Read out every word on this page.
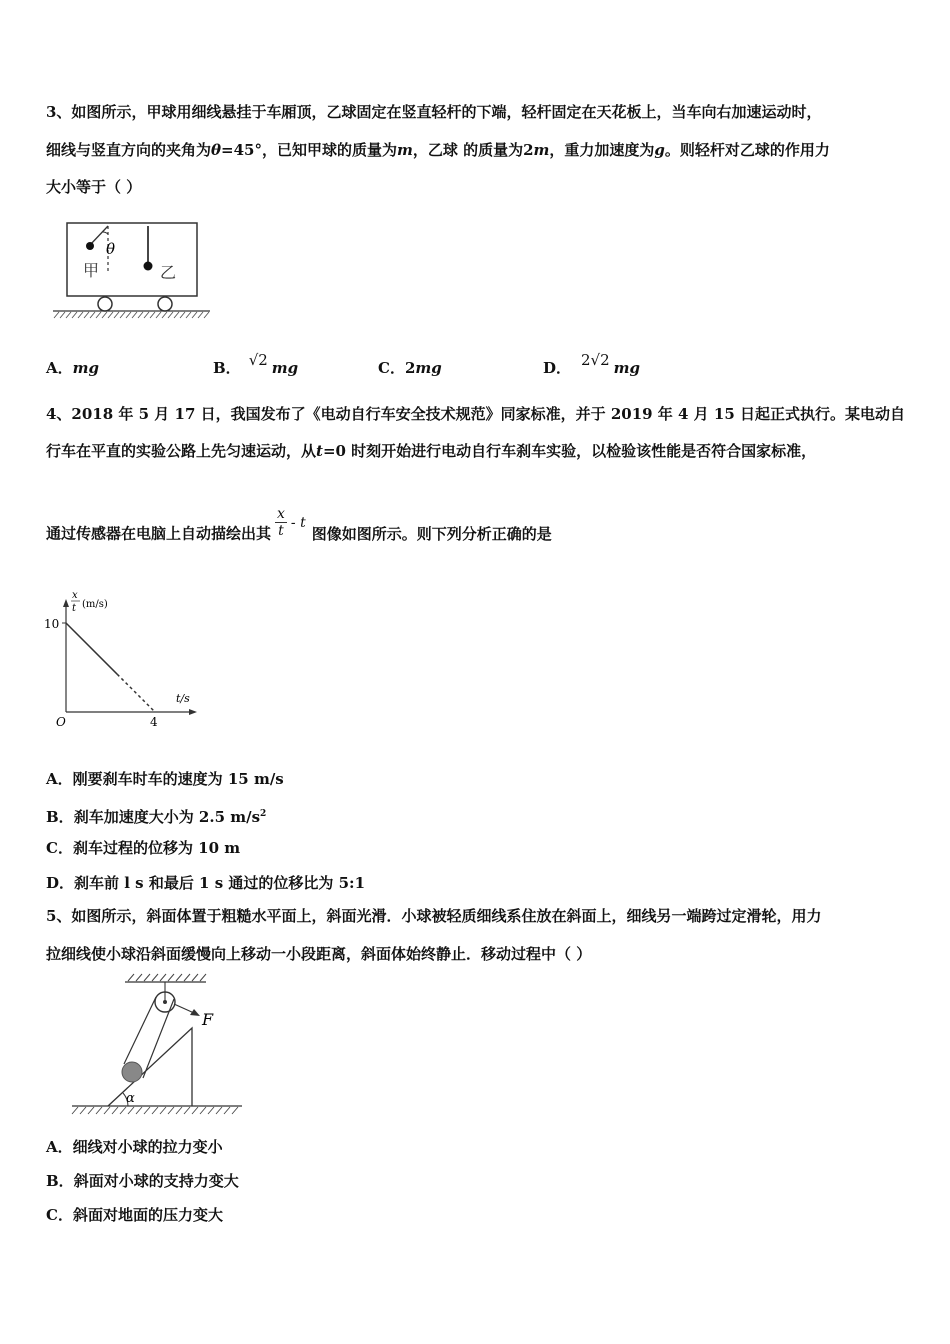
3、如图所示，甲球用细线悬挂于车厢顶，乙球固定在竖直轻杆的下端，轻杆固定在天花板上，当车向右加速运动时，
细线与竖直方向的夹角为θ=45°，已知甲球的质量为m，乙球 的质量为2m，重力加速度为g。则轻杆对乙球的作用力
大小等于（ ）
θ
甲	乙
A．mg	B． √2 mg	C．2mg	D． 2√2 mg
4、2018 年 5 月 17 日，我国发布了《电动自行车安全技术规范》同家标准，并于 2019 年 4 月 15 日起正式执行。某电动自
行车在平直的实验公路上先匀速运动，从t=0 时刻开始进行电动自行车刹车实验，以检验该性能是否符合国家标准，
通过传感器在电脑上自动描绘出其 $\frac{x}{t}$ - t图像如图所示。则下列分析正确的是
x
t (m/s)
10
O	4
t/s
A．刚要刹车时车的速度为 15 m/s
B．刹车加速度大小为 2.5 $m/s^2$
C．刹车过程的位移为 10 m
D．刹车前 l s 和最后 1 s 通过的位移比为 5:1
5、如图所示，斜面体置于粗糙水平面上，斜面光滑．小球被轻质细线系住放在斜面上，细线另一端跨过定滑轮，用力
拉细线使小球沿斜面缓慢向上移动一小段距离，斜面体始终静止．移动过程中（ ）
F
α
A．细线对小球的拉力变小
B．斜面对小球的支持力变大
C．斜面对地面的压力变大
